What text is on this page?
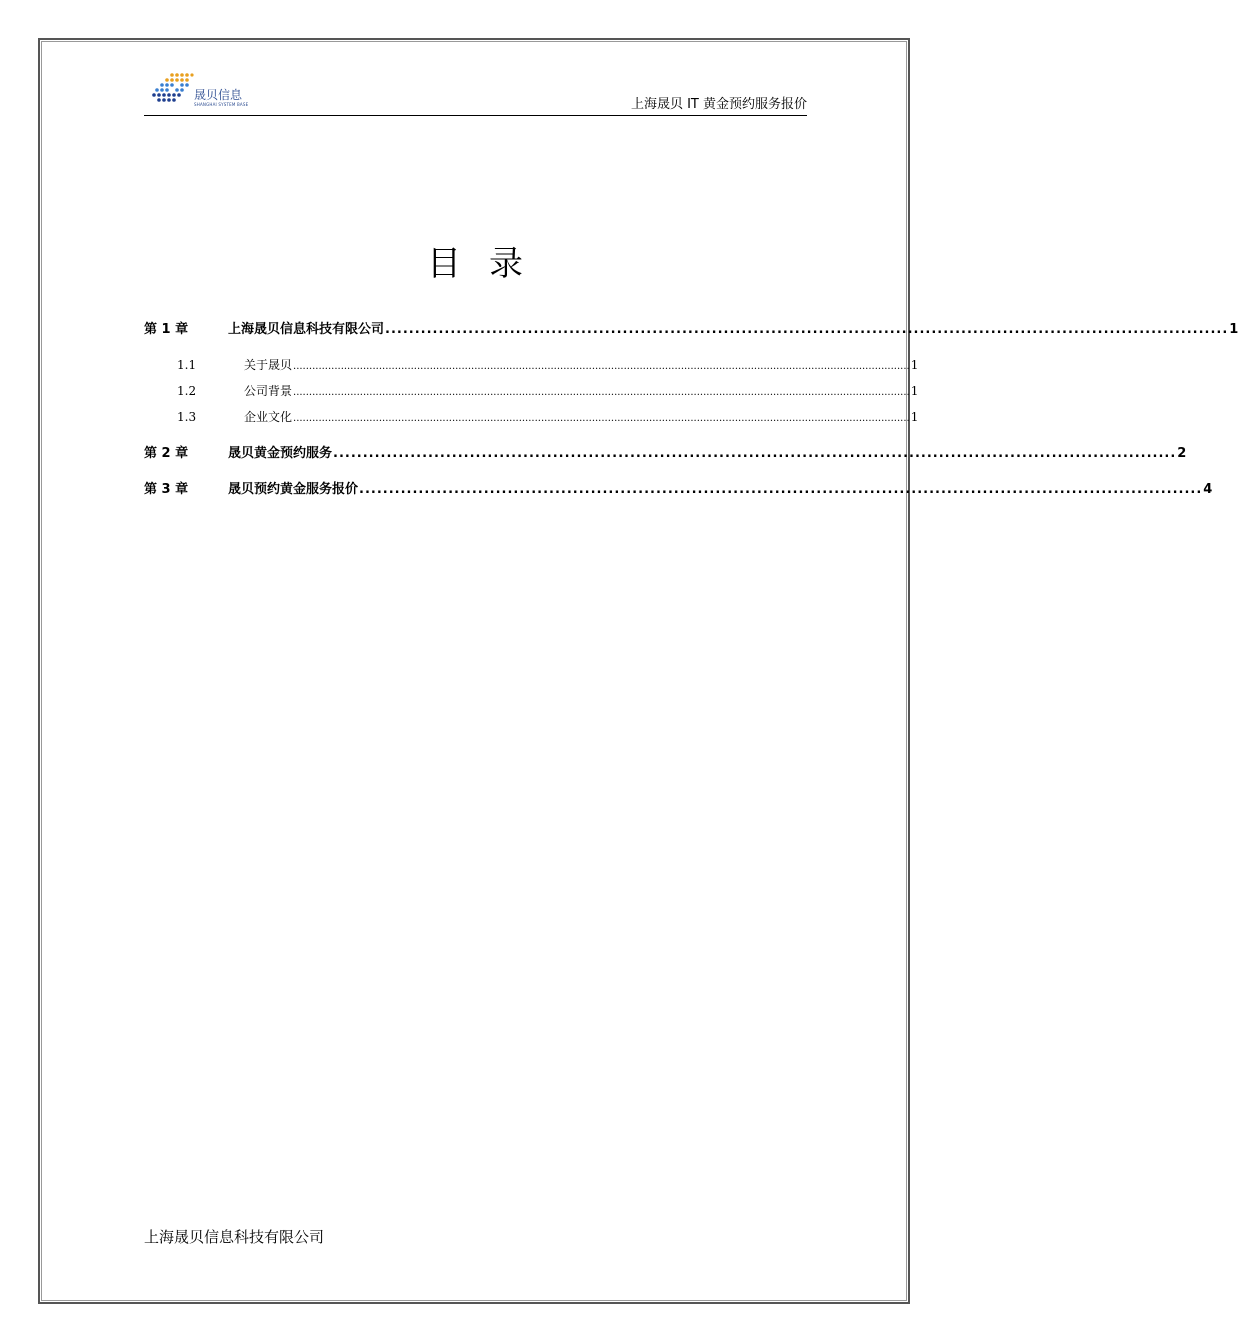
晟贝信息
SHANGHAI SYSTEM BASE	上海晟贝 IT 黄金预约服务报价
目录
第 1 章	上海晟贝信息科技有限公司 .............................................................................................................................................. 1
1.1	关于晟贝 .................................................................................................................................................................................................. 1
1.2	公司背景 .................................................................................................................................................................................................. 1
1.3	企业文化 .................................................................................................................................................................................................. 1
第 2 章	晟贝黄金预约服务 .............................................................................................................................................. 2
第 3 章	晟贝预约黄金服务报价 .............................................................................................................................................. 4
上海晟贝信息科技有限公司
